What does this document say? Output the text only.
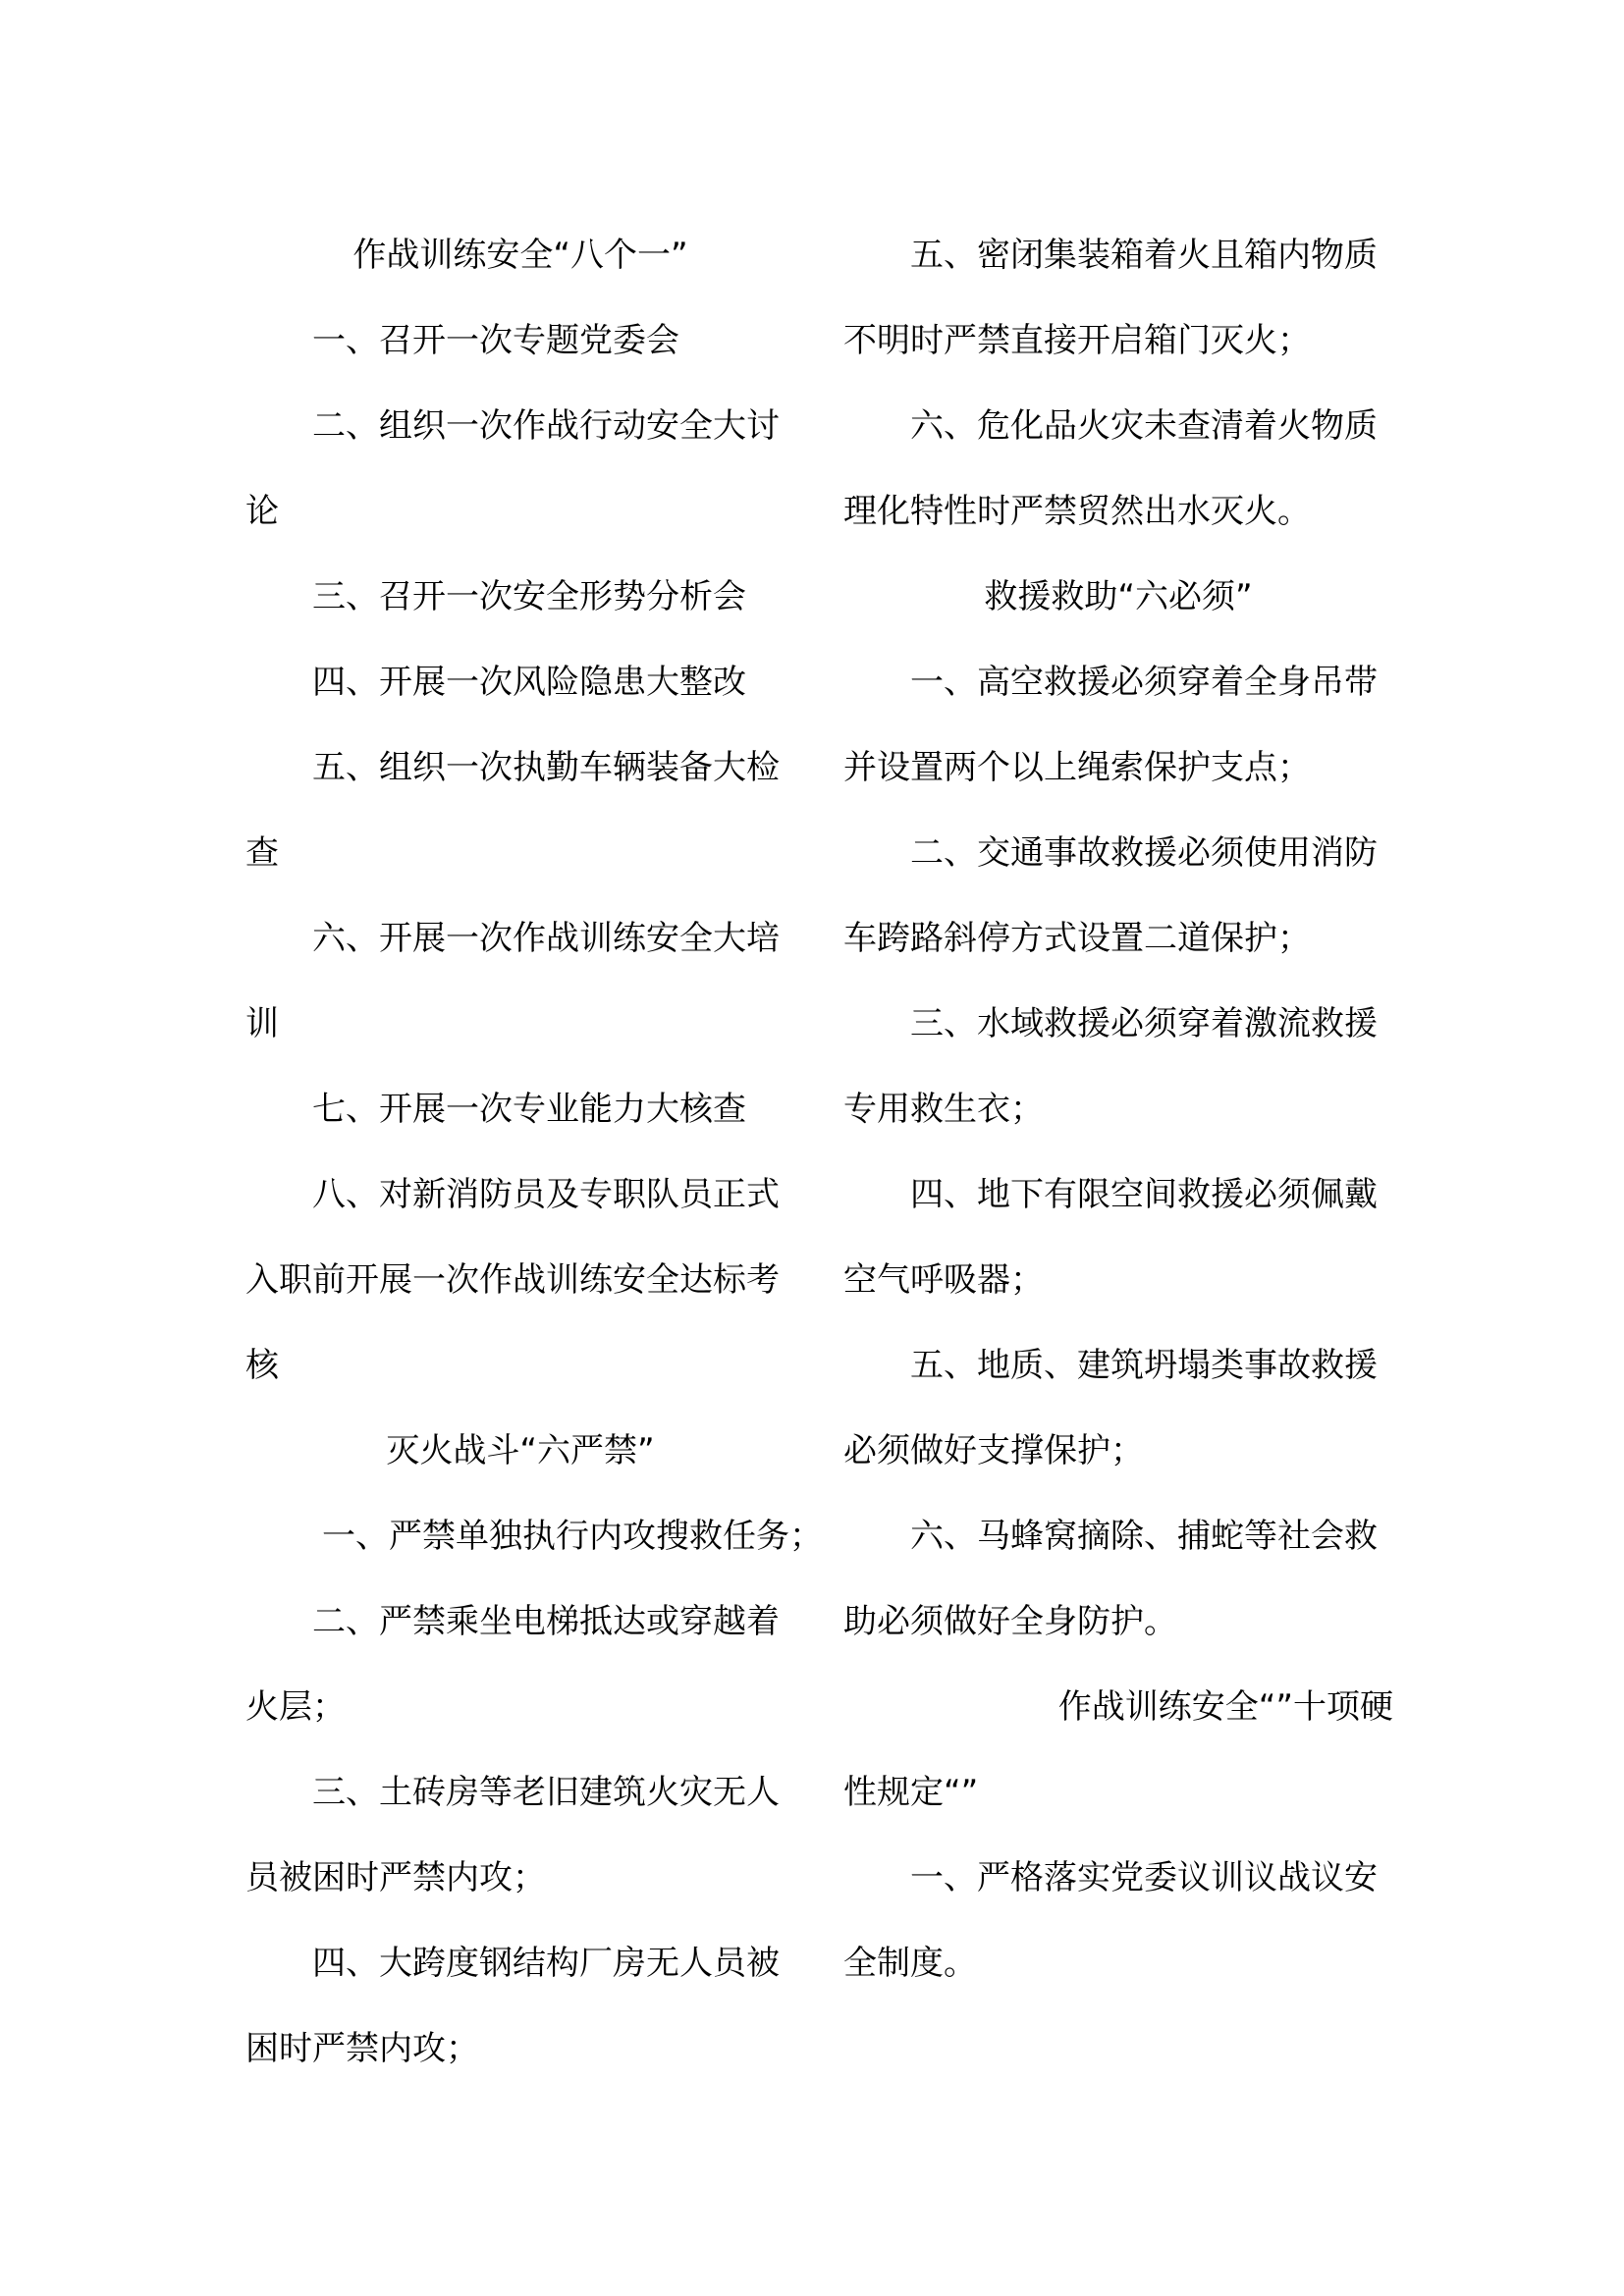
作战训练安全“八个一”
一、召开一次专题党委会
二、组织一次作战行动安全大讨
论
三、召开一次安全形势分析会
四、开展一次风险隐患大整改
五、组织一次执勤车辆装备大检
查
六、开展一次作战训练安全大培
训
七、开展一次专业能力大核查
八、对新消防员及专职队员正式
入职前开展一次作战训练安全达标考
核
灭火战斗“六严禁”
一、严禁单独执行内攻搜救任务；
二、严禁乘坐电梯抵达或穿越着
火层；
三、土砖房等老旧建筑火灾无人
员被困时严禁内攻；
四、大跨度钢结构厂房无人员被
困时严禁内攻；
五、密闭集装箱着火且箱内物质
不明时严禁直接开启箱门灭火；
六、危化品火灾未查清着火物质
理化特性时严禁贸然出水灭火。
救援救助“六必须”
一、高空救援必须穿着全身吊带
并设置两个以上绳索保护支点；
二、交通事故救援必须使用消防
车跨路斜停方式设置二道保护；
三、水域救援必须穿着激流救援
专用救生衣；
四、地下有限空间救援必须佩戴
空气呼吸器；
五、地质、建筑坍塌类事故救援
必须做好支撑保护；
六、马蜂窝摘除、捕蛇等社会救
助必须做好全身防护。
作战训练安全“”十项硬
性规定“”
一、严格落实党委议训议战议安
全制度。
